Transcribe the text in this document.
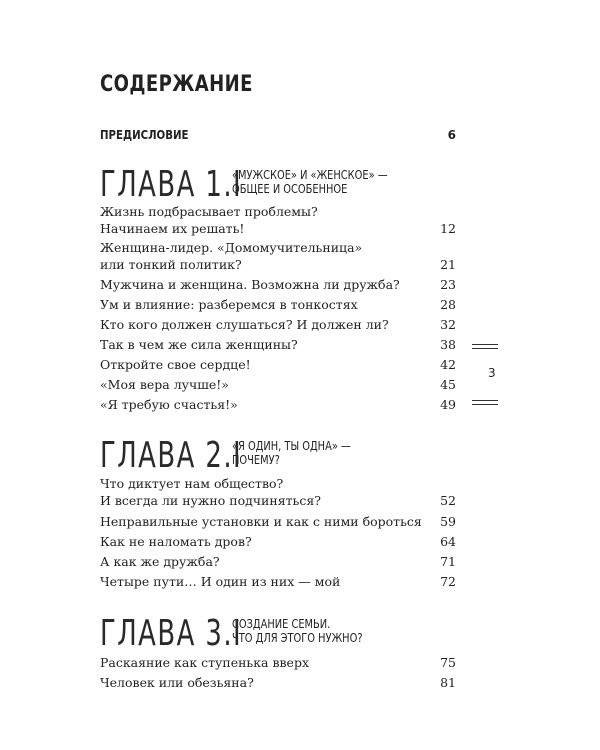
СОДЕРЖАНИЕ
ПРЕДИСЛОВИЕ	6
ГЛАВА 1.I
«МУЖСКОЕ» И «ЖЕНСКОЕ» —
ОБЩЕЕ И ОСОБЕННОЕ
Жизнь подбрасывает проблемы?
Начинаем их решать!	12
Женщина-лидер. «Домомучительница»
или тонкий политик?	21
Мужчина и женщина. Возможна ли дружба?	23
Ум и влияние: разберемся в тонкостях	28
Кто кого должен слушаться? И должен ли?	32
Так в чем же сила женщины?	38
Откройте свое сердце!	42
«Моя вера лучше!»	45
«Я требую счастья!»	49
ГЛАВА 2.I
«Я ОДИН, ТЫ ОДНА» —
ПОЧЕМУ?
Что диктует нам общество?
И всегда ли нужно подчиняться?	52
Неправильные установки и как с ними бороться	59
Как не наломать дров?	64
А как же дружба?	71
Четыре пути… И один из них — мой	72
ГЛАВА 3.I
СОЗДАНИЕ СЕМЬИ.
ЧТО ДЛЯ ЭТОГО НУЖНО?
Раскаяние как ступенька вверх	75
Человек или обезьяна?	81
3
